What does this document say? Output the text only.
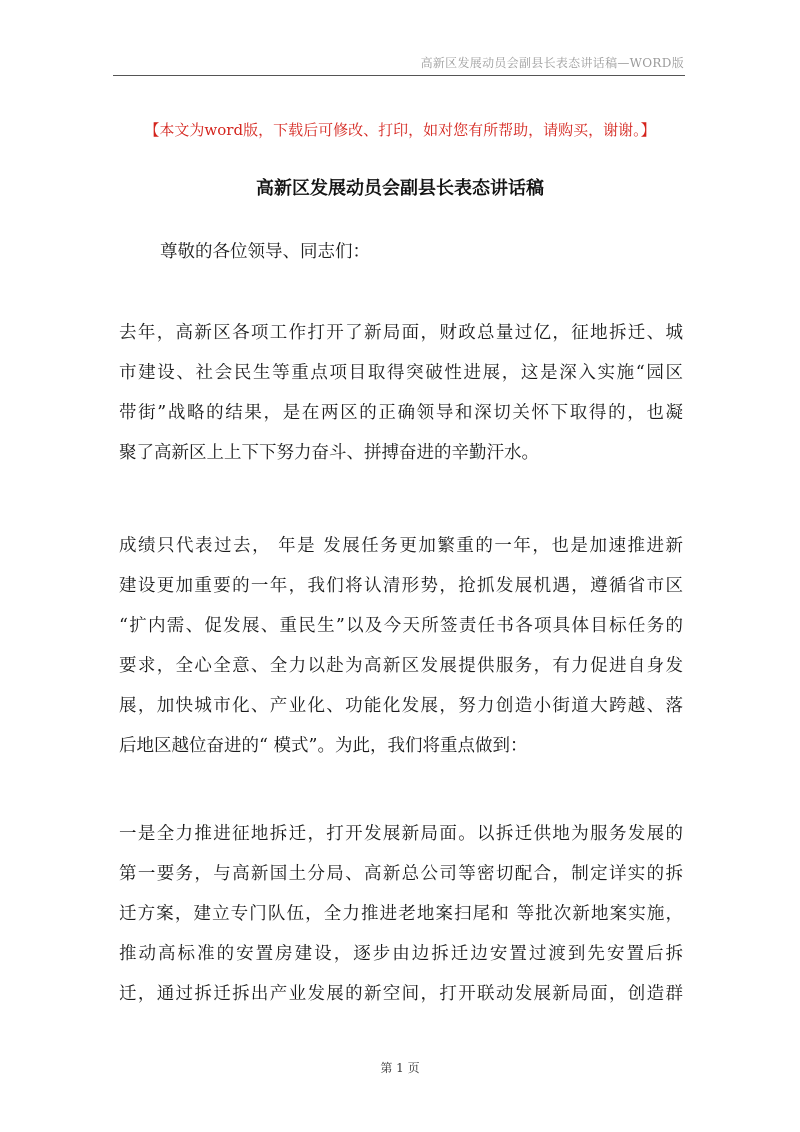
高新区发展动员会副县长表态讲话稿—WORD版
【本文为word版，下载后可修改、打印，如对您有所帮助，请购买，谢谢。】
高新区发展动员会副县长表态讲话稿
尊敬的各位领导、同志们：
去年，高新区各项工作打开了新局面，财政总量过亿，征地拆迁、城
市建设、社会民生等重点项目取得突破性进展，这是深入实施“园区
带街”战略的结果，是在两区的正确领导和深切关怀下取得的，也凝
聚了高新区上上下下努力奋斗、拼搏奋进的辛勤汗水。
成绩只代表过去， 年是 发展任务更加繁重的一年，也是加速推进新
建设更加重要的一年，我们将认清形势，抢抓发展机遇，遵循省市区
“扩内需、促发展、重民生”以及今天所签责任书各项具体目标任务的
要求，全心全意、全力以赴为高新区发展提供服务，有力促进自身发
展，加快城市化、产业化、功能化发展，努力创造小街道大跨越、落
后地区越位奋进的“ 模式”。为此，我们将重点做到：
一是全力推进征地拆迁，打开发展新局面。以拆迁供地为服务发展的
第一要务，与高新国土分局、高新总公司等密切配合，制定详实的拆
迁方案，建立专门队伍，全力推进老地案扫尾和 等批次新地案实施，
推动高标准的安置房建设，逐步由边拆迁边安置过渡到先安置后拆
迁，通过拆迁拆出产业发展的新空间，打开联动发展新局面，创造群
第 1 页
